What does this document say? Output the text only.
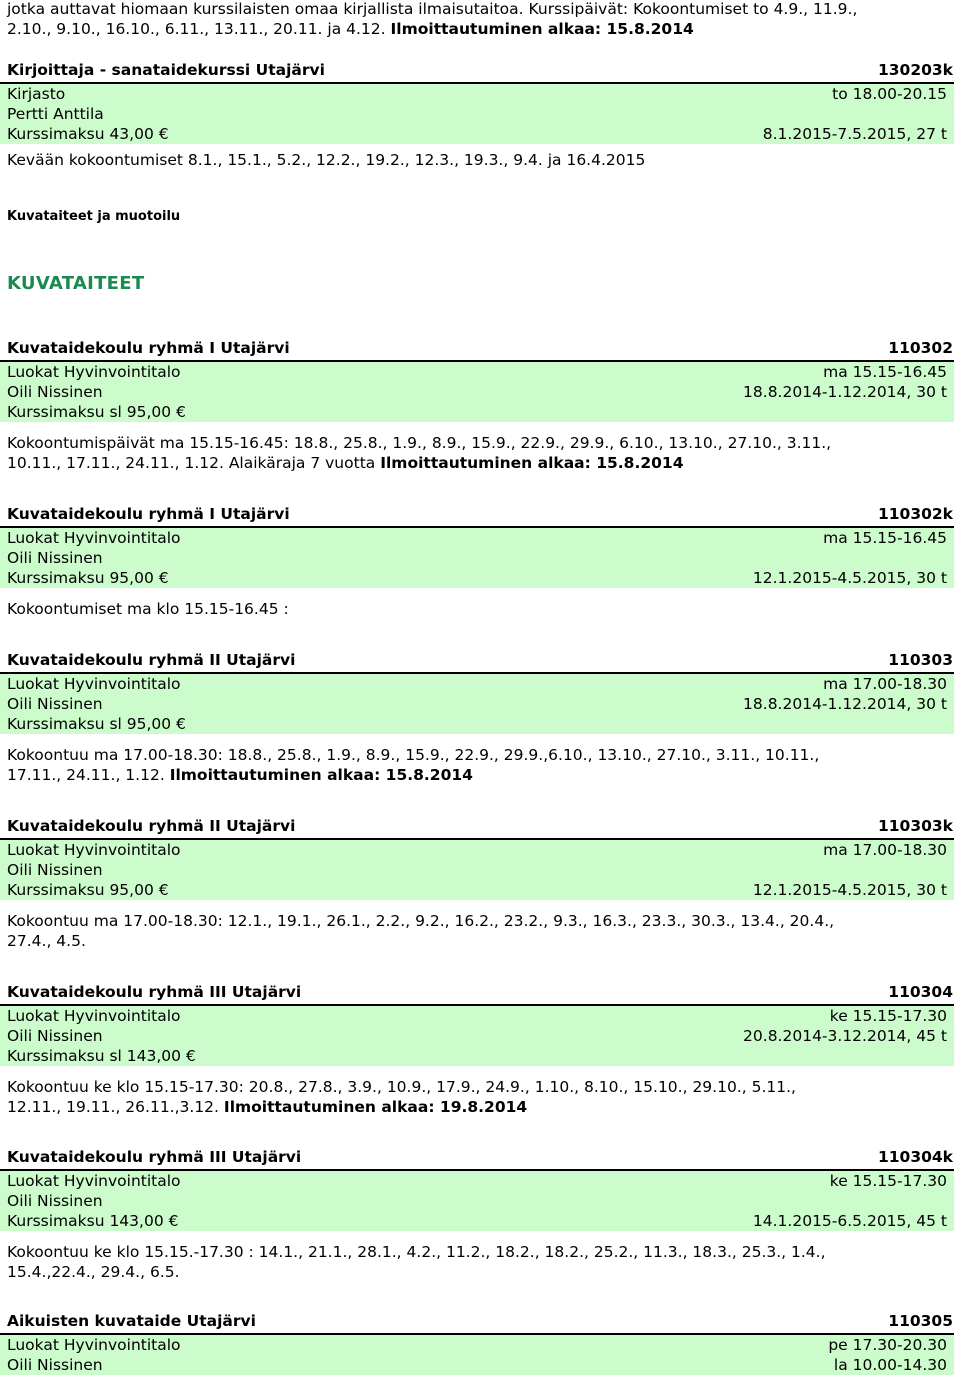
jotka auttavat hiomaan kurssilaisten omaa kirjallista ilmaisutaitoa. Kurssipäivät: Kokoontumiset to 4.9., 11.9.,

2.10., 9.10., 16.10., 6.11., 13.11., 20.11. ja 4.12. Ilmoittautuminen alkaa: 15.8.2014

Kirjoittaja - sanataidekurssi Utajärvi	130203k
Kirjasto	to 18.00-20.15
Pertti Anttila
Kurssimaksu 43,00 €	8.1.2015-7.5.2015, 27 t
Kevään kokoontumiset 8.1., 15.1., 5.2., 12.2., 19.2., 12.3., 19.3., 9.4. ja 16.4.2015
Kuvataidekoulu ryhmä I Utajärvi	110302
Luokat Hyvinvointitalo	ma 15.15-16.45
Oili Nissinen	18.8.2014-1.12.2014, 30 t
Kurssimaksu sl 95,00 €
Kokoontumispäivät ma 15.15-16.45: 18.8., 25.8., 1.9., 8.9., 15.9., 22.9., 29.9., 6.10., 13.10., 27.10., 3.11.,
10.11., 17.11., 24.11., 1.12. Alaikäraja 7 vuotta Ilmoittautuminen alkaa: 15.8.2014
Kuvataidekoulu ryhmä I Utajärvi	110302k
Luokat Hyvinvointitalo	ma 15.15-16.45
Oili Nissinen
Kurssimaksu 95,00 €	12.1.2015-4.5.2015, 30 t
Kokoontumiset ma klo 15.15-16.45 :
Kuvataidekoulu ryhmä II Utajärvi	110303
Luokat Hyvinvointitalo	ma 17.00-18.30
Oili Nissinen	18.8.2014-1.12.2014, 30 t
Kurssimaksu sl 95,00 €
Kokoontuu ma 17.00-18.30: 18.8., 25.8., 1.9., 8.9., 15.9., 22.9., 29.9.,6.10., 13.10., 27.10., 3.11., 10.11.,
17.11., 24.11., 1.12. Ilmoittautuminen alkaa: 15.8.2014
Kuvataidekoulu ryhmä II Utajärvi	110303k
Luokat Hyvinvointitalo	ma 17.00-18.30
Oili Nissinen
Kurssimaksu 95,00 €	12.1.2015-4.5.2015, 30 t
Kokoontuu ma 17.00-18.30: 12.1., 19.1., 26.1., 2.2., 9.2., 16.2., 23.2., 9.3., 16.3., 23.3., 30.3., 13.4., 20.4.,
27.4., 4.5.
Kuvataidekoulu ryhmä III Utajärvi	110304
Luokat Hyvinvointitalo	ke 15.15-17.30
Oili Nissinen	20.8.2014-3.12.2014, 45 t
Kurssimaksu sl 143,00 €
Kokoontuu ke klo 15.15-17.30: 20.8., 27.8., 3.9., 10.9., 17.9., 24.9., 1.10., 8.10., 15.10., 29.10., 5.11.,
12.11., 19.11., 26.11.,3.12. Ilmoittautuminen alkaa: 19.8.2014
Kuvataidekoulu ryhmä III Utajärvi	110304k
Luokat Hyvinvointitalo	ke 15.15-17.30
Oili Nissinen
Kurssimaksu 143,00 €	14.1.2015-6.5.2015, 45 t
Kokoontuu ke klo 15.15.-17.30 : 14.1., 21.1., 28.1., 4.2., 11.2., 18.2., 18.2., 25.2., 11.3., 18.3., 25.3., 1.4.,
15.4.,22.4., 29.4., 6.5.
Aikuisten kuvataide Utajärvi	110305
Luokat Hyvinvointitalo	pe 17.30-20.30
Oili Nissinen	la 10.00-14.30
Kuvataiteet ja muotoilu
KUVATAITEET
